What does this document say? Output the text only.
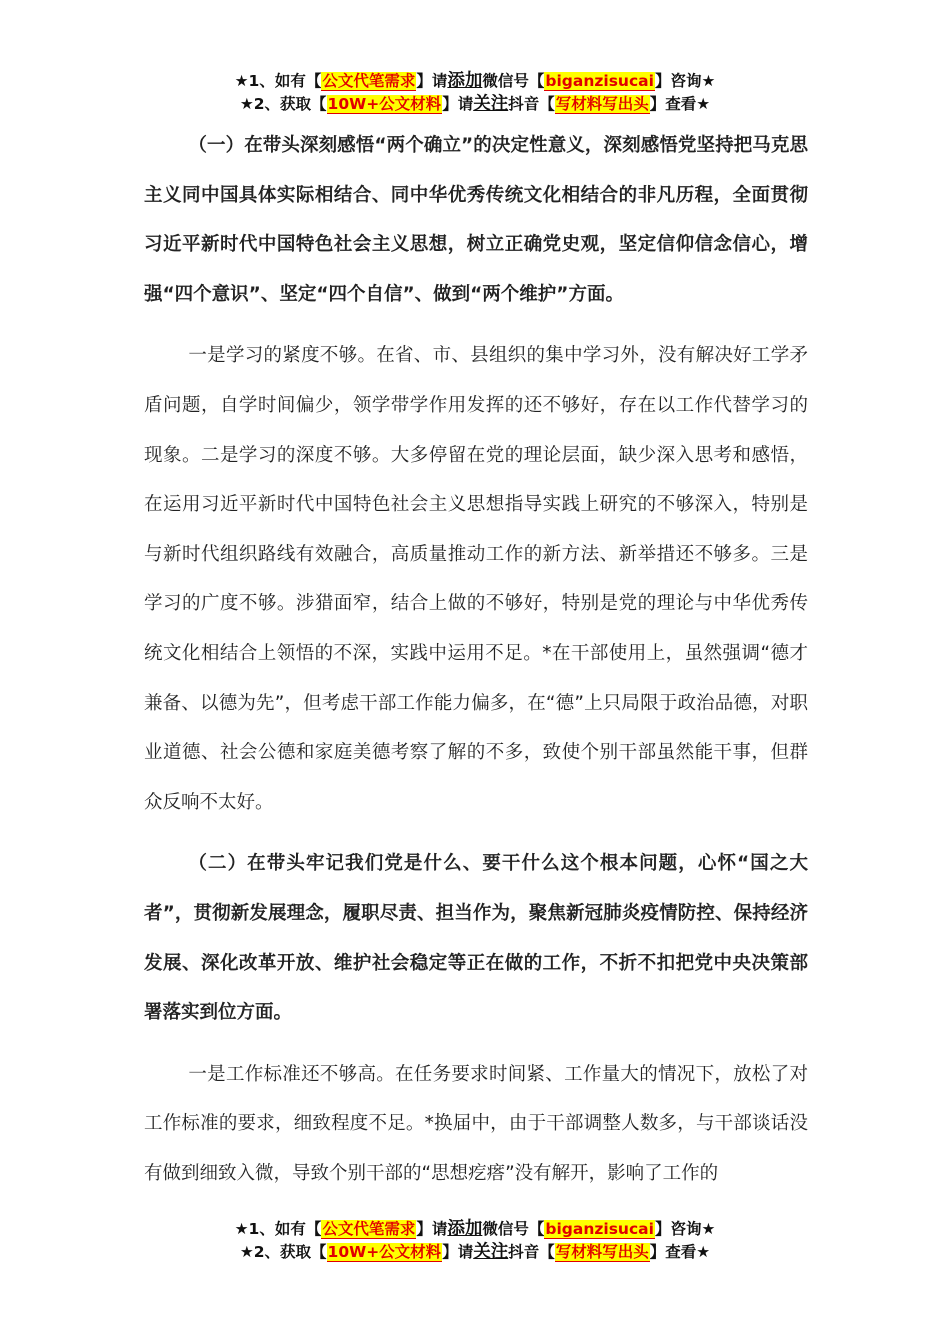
★1、如有【公文代笔需求】请添加微信号【biganzisucai】咨询★
★2、获取【10W+公文材料】请关注抖音【写材料写出头】查看★

（一）在带头深刻感悟“两个确立”的决定性意义，深刻感悟党坚持把马克思主义同中国具体实际相结合、同中华优秀传统文化相结合的非凡历程，全面贯彻习近平新时代中国特色社会主义思想，树立正确党史观，坚定信仰信念信心，增强“四个意识”、坚定“四个自信”、做到“两个维护”方面。

一是学习的紧度不够。在省、市、县组织的集中学习外，没有解决好工学矛盾问题，自学时间偏少，领学带学作用发挥的还不够好，存在以工作代替学习的现象。二是学习的深度不够。大多停留在党的理论层面，缺少深入思考和感悟，在运用习近平新时代中国特色社会主义思想指导实践上研究的不够深入，特别是与新时代组织路线有效融合，高质量推动工作的新方法、新举措还不够多。三是学习的广度不够。涉猎面窄，结合上做的不够好，特别是党的理论与中华优秀传统文化相结合上领悟的不深，实践中运用不足。*在干部使用上，虽然强调“德才兼备、以德为先”，但考虑干部工作能力偏多，在“德”上只局限于政治品德，对职业道德、社会公德和家庭美德考察了解的不多，致使个别干部虽然能干事，但群众反响不太好。

（二）在带头牢记我们党是什么、要干什么这个根本问题，心怀“国之大者”，贯彻新发展理念，履职尽责、担当作为，聚焦新冠肺炎疫情防控、保持经济发展、深化改革开放、维护社会稳定等正在做的工作，不折不扣把党中央决策部署落实到位方面。

一是工作标准还不够高。在任务要求时间紧、工作量大的情况下，放松了对工作标准的要求，细致程度不足。*换届中，由于干部调整人数多，与干部谈话没有做到细致入微，导致个别干部的“思想疙瘩”没有解开，影响了工作的

★1、如有【公文代笔需求】请添加微信号【biganzisucai】咨询★
★2、获取【10W+公文材料】请关注抖音【写材料写出头】查看★
